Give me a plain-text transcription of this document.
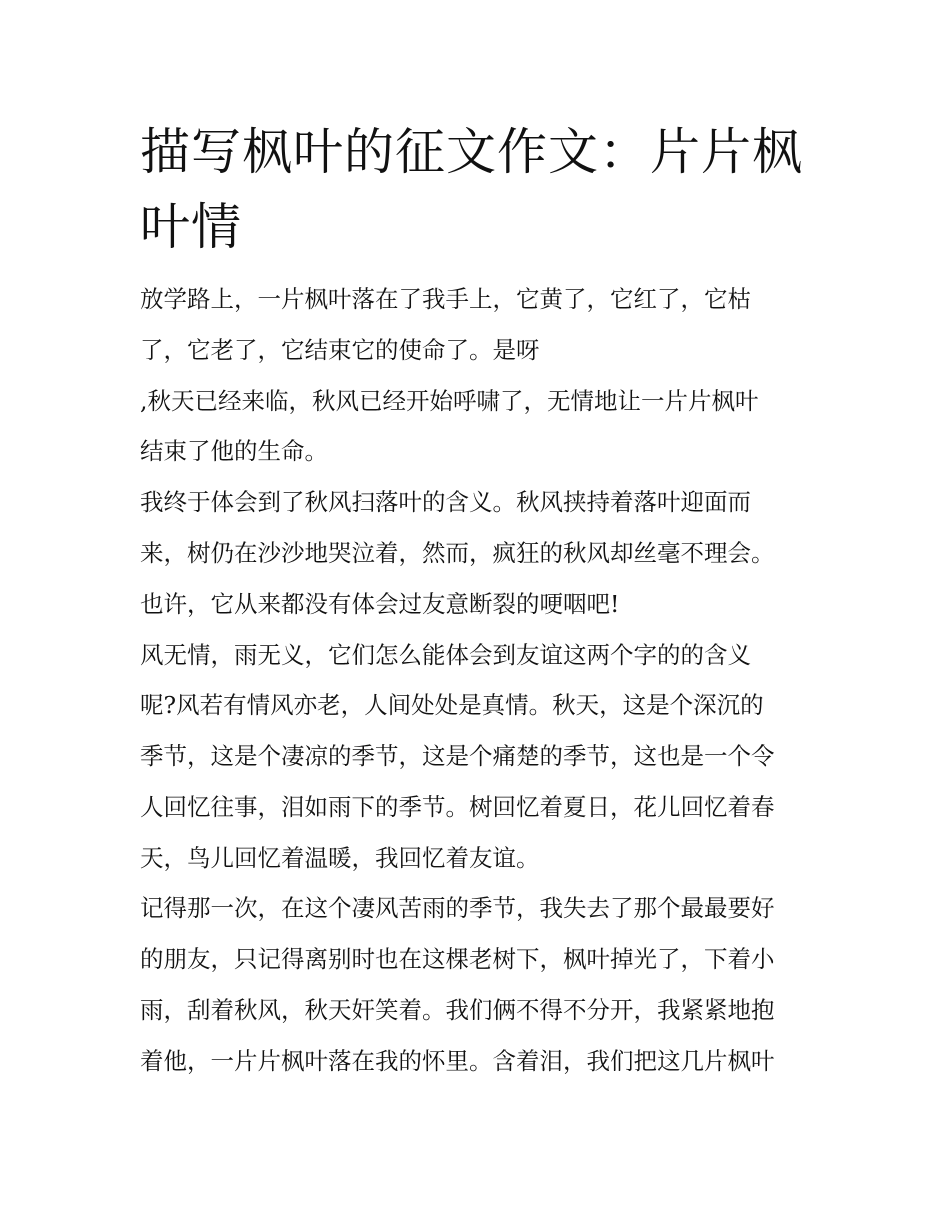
描写枫叶的征文作文：片片枫叶情

放学路上，一片枫叶落在了我手上，它黄了，它红了，它枯

了，它老了，它结束它的使命了。是呀

,秋天已经来临，秋风已经开始呼啸了，无情地让一片片枫叶

结束了他的生命。

我终于体会到了秋风扫落叶的含义。秋风挟持着落叶迎面而

来，树仍在沙沙地哭泣着，然而，疯狂的秋风却丝毫不理会。

也许，它从来都没有体会过友意断裂的哽咽吧!

风无情，雨无义，它们怎么能体会到友谊这两个字的的含义

呢?风若有情风亦老，人间处处是真情。秋天，这是个深沉的

季节，这是个凄凉的季节，这是个痛楚的季节，这也是一个令

人回忆往事，泪如雨下的季节。树回忆着夏日，花儿回忆着春

天，鸟儿回忆着温暖，我回忆着友谊。

记得那一次，在这个凄风苦雨的季节，我失去了那个最最要好

的朋友，只记得离别时也在这棵老树下，枫叶掉光了，下着小

雨，刮着秋风，秋天奸笑着。我们俩不得不分开，我紧紧地抱

着他，一片片枫叶落在我的怀里。含着泪，我们把这几片枫叶
